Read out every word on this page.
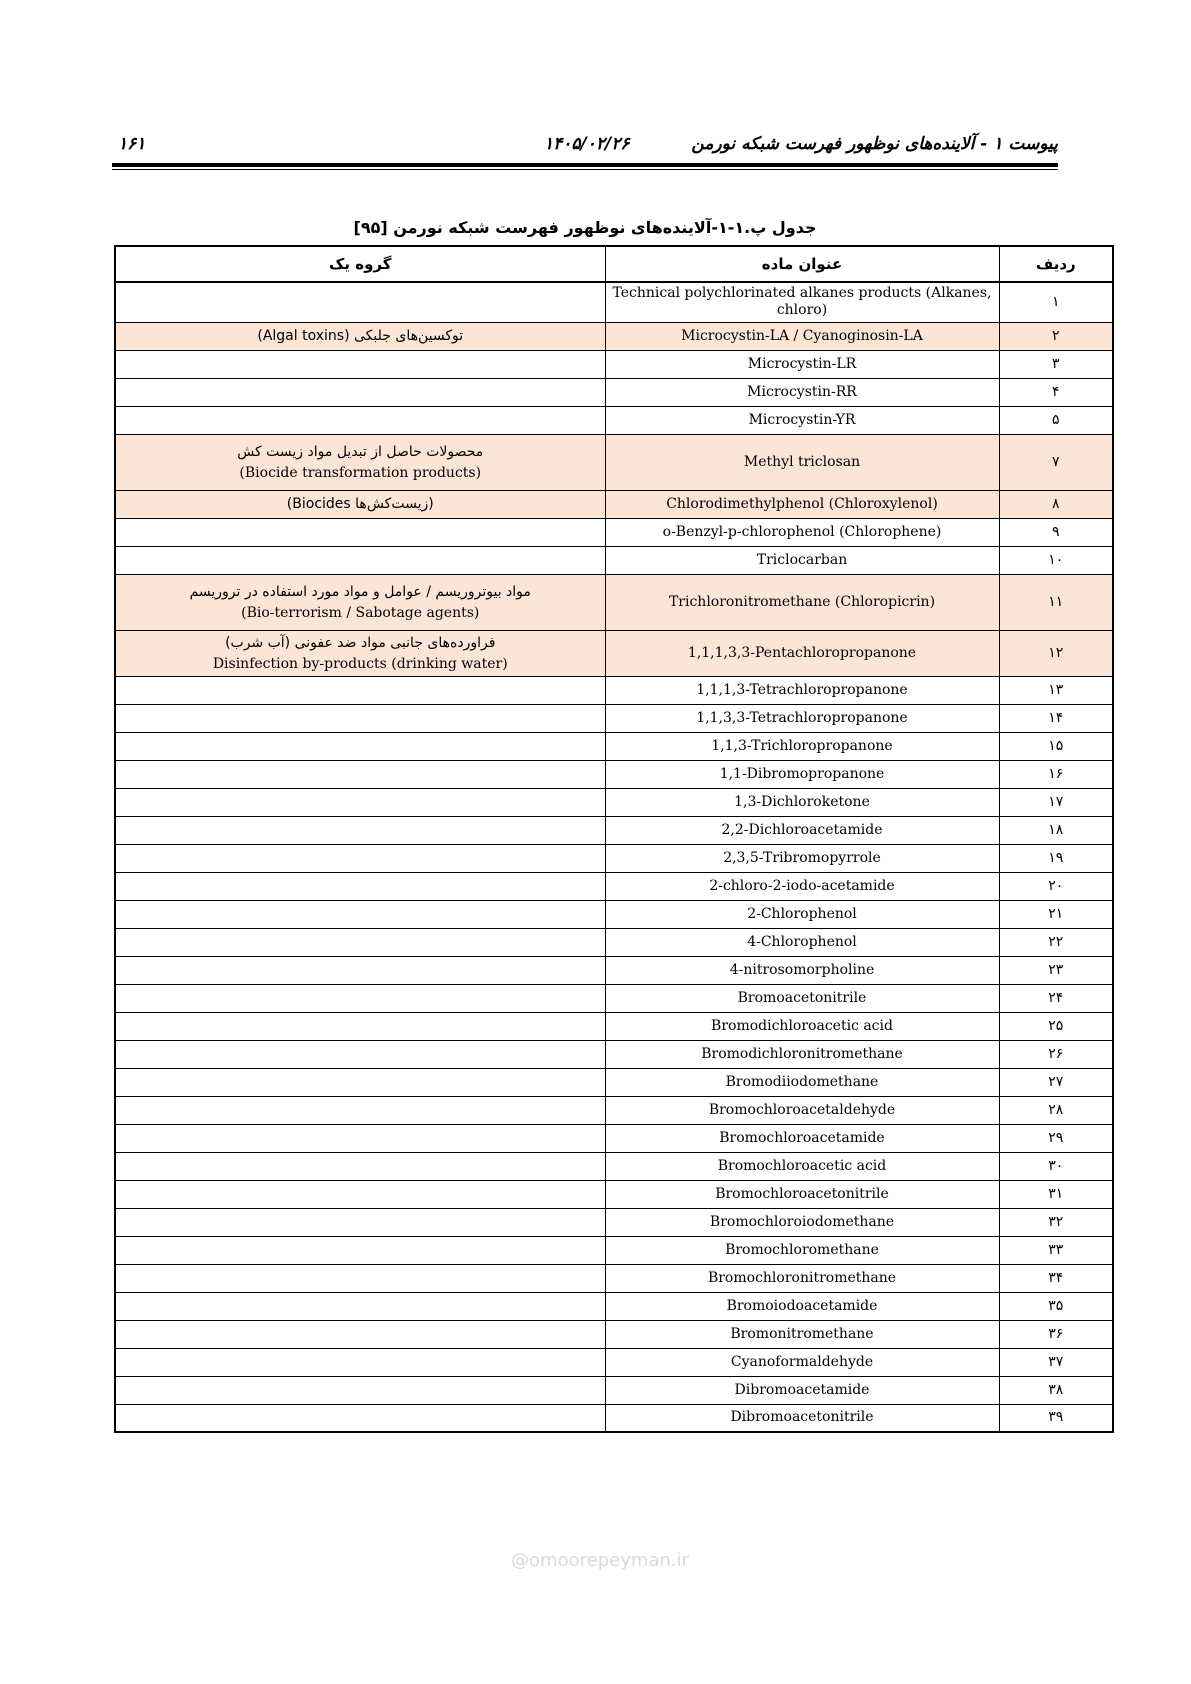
پیوست ۱ - آلاینده‌های نوظهور فهرست شبکه نورمن
۱۴۰۵/۰۲/۲۶
۱۶۱
جدول پ.۱-۱-آلاینده‌های نوظهور فهرست شبکه نورمن [۹۵]
گروه یک	عنوان ماده	ردیف
	Technical polychlorinated alkanes products (Alkanes, chloro)	۱

توکسین‌های جلبکی (Algal toxins)	Microcystin-LA / Cyanoginosin-LA	۲
	Microcystin-LR	۳
	Microcystin-RR	۴
	Microcystin-YR	۵

محصولات حاصل از تبدیل مواد زیست کش
(Biocide transformation products)	Methyl triclosan	۷

(زیست‌کش‌ها Biocides)	Chlorodimethylphenol (Chloroxylenol)	۸
	o-Benzyl-p-chlorophenol (Chlorophene)	۹
	Triclocarban	۱۰

مواد بیوتروریسم / عوامل و مواد مورد استفاده در تروریسم
(Bio-terrorism / Sabotage agents)	Trichloronitromethane (Chloropicrin)	۱۱

فراورده‌های جانبی مواد ضد عفونی (آب شرب)
Disinfection by-products (drinking water)	1,1,1,3,3-Pentachloropropanone	۱۲
	1,1,1,3-Tetrachloropropanone	۱۳
	1,1,3,3-Tetrachloropropanone	۱۴
	1,1,3-Trichloropropanone	۱۵
	1,1-Dibromopropanone	۱۶
	1,3-Dichloroketone	۱۷
	2,2-Dichloroacetamide	۱۸
	2,3,5-Tribromopyrrole	۱۹
	2-chloro-2-iodo-acetamide	۲۰
	2-Chlorophenol	۲۱
	4-Chlorophenol	۲۲
	4-nitrosomorpholine	۲۳
	Bromoacetonitrile	۲۴
	Bromodichloroacetic acid	۲۵
	Bromodichloronitromethane	۲۶
	Bromodiiodomethane	۲۷
	Bromochloroacetaldehyde	۲۸
	Bromochloroacetamide	۲۹
	Bromochloroacetic acid	۳۰
	Bromochloroacetonitrile	۳۱
	Bromochloroiodomethane	۳۲
	Bromochloromethane	۳۳
	Bromochloronitromethane	۳۴
	Bromoiodoacetamide	۳۵
	Bromonitromethane	۳۶
	Cyanoformaldehyde	۳۷
	Dibromoacetamide	۳۸
	Dibromoacetonitrile	۳۹
@omoorepeyman.ir
